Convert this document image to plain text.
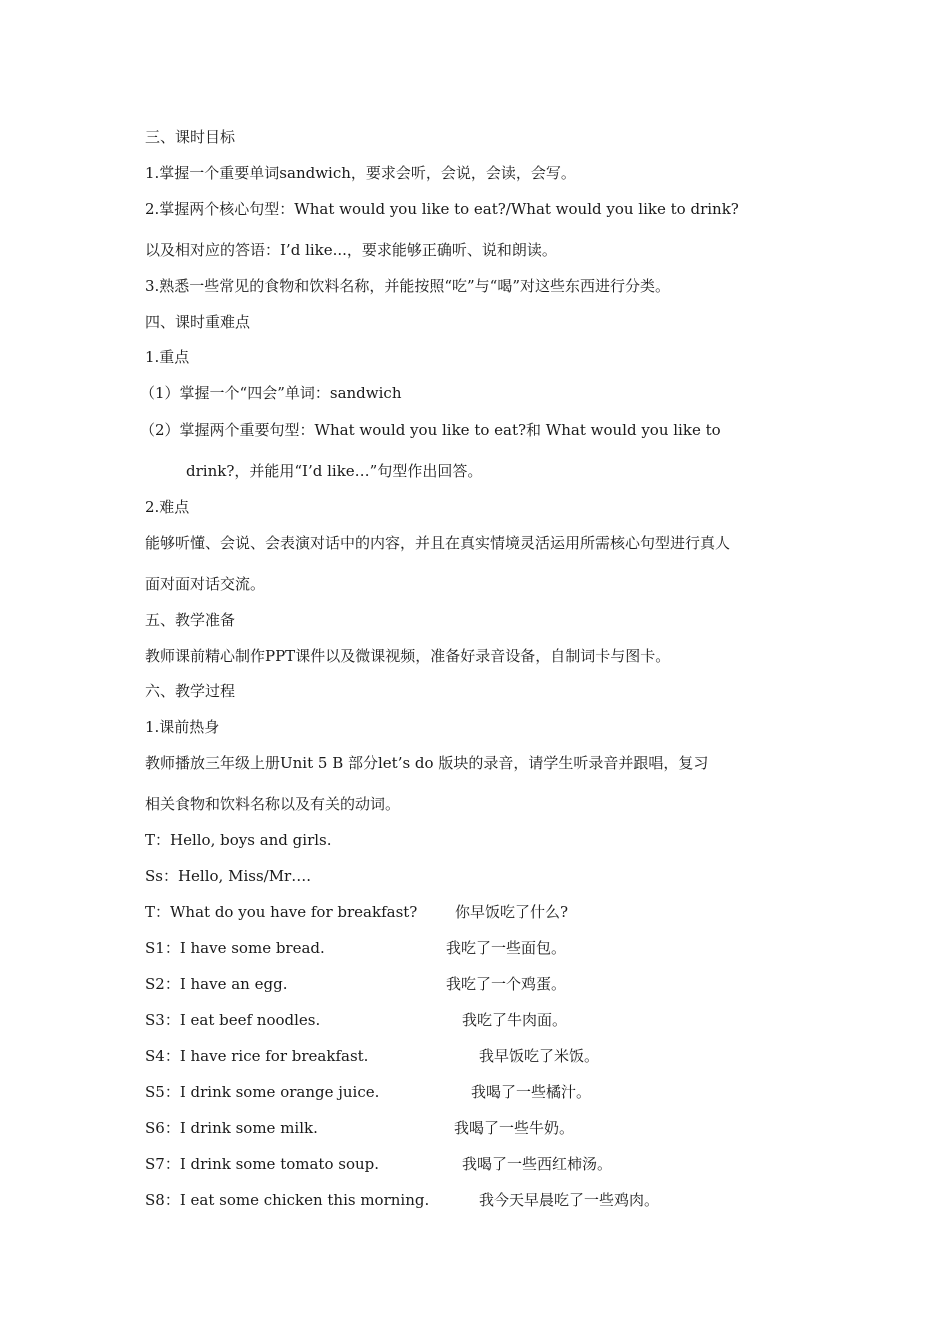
三、课时目标
1.掌握一个重要单词sandwich，要求会听，会说，会读，会写。
2.掌握两个核心句型：What would you like to eat?/What would you like to drink?
以及相对应的答语：I’d like...，要求能够正确听、说和朗读。
3.熟悉一些常见的食物和饮料名称，并能按照“吃”与“喝”对这些东西进行分类。
四、课时重难点
1.重点
（1）掌握一个“四会”单词：sandwich
（2）掌握两个重要句型：What would you like to eat?和 What would you like to
drink?，并能用“I’d like…”句型作出回答。
2.难点
能够听懂、会说、会表演对话中的内容，并且在真实情境灵活运用所需核心句型进行真人
面对面对话交流。
五、教学准备
教师课前精心制作PPT课件以及微课视频，准备好录音设备，自制词卡与图卡。
六、教学过程
1.课前热身
教师播放三年级上册Unit 5 B 部分let’s do 版块的录音，请学生听录音并跟唱，复习
相关食物和饮料名称以及有关的动词。
T：Hello, boys and girls.
Ss：Hello, Miss/Mr….
T：What do you have for breakfast?	你早饭吃了什么?
S1：I have some bread.	我吃了一些面包。
S2：I have an egg.	我吃了一个鸡蛋。
S3：I eat beef noodles.	我吃了牛肉面。
S4：I have rice for breakfast.	我早饭吃了米饭。
S5：I drink some orange juice.	我喝了一些橘汁。
S6：I drink some milk.	我喝了一些牛奶。
S7：I drink some tomato soup.	我喝了一些西红柿汤。
S8：I eat some chicken this morning.	我今天早晨吃了一些鸡肉。
